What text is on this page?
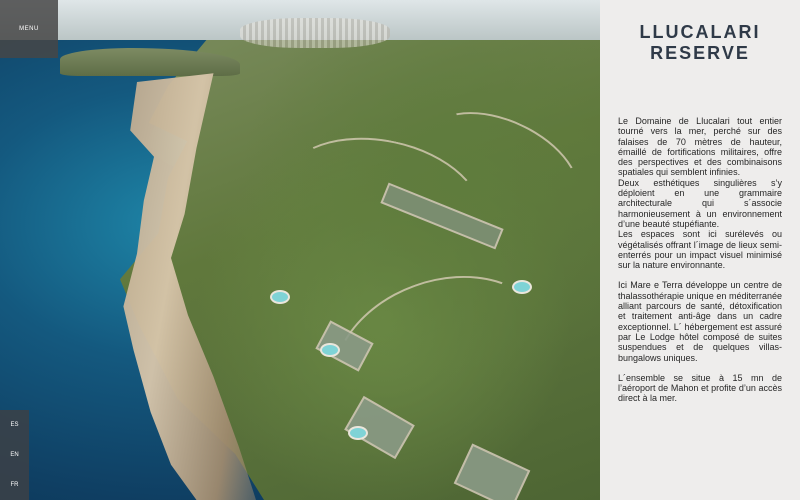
MENU
ES
EN
FR
LLUCALARI
RESERVE

Le Domaine de Llucalari tout entier tourné vers la mer, perché sur des falaises de 70 mètres de hauteur, émaillé de fortifications militaires, offre des perspectives et des combinaisons spatiales qui semblent infinies.

Deux esthétiques singulières s’y déploient en une grammaire architecturale qui s´associe harmonieusement à un environnement d’une beauté stupéfiante.

Les espaces sont ici surélevés ou végétalisés offrant l´image de lieux semi-enterrés pour un impact visuel minimisé sur la nature environnante.

Ici Mare e Terra développe un centre de thalassothérapie unique en méditerranée alliant parcours de santé, détoxification et traitement anti-âge dans un cadre exceptionnel. L´ hébergement est assuré par Le Lodge hôtel composé de suites suspendues et de quelques villas-bungalows uniques.

L´ensemble se situe à 15 mn de l’aéroport de Mahon et profite d’un accès direct à la mer.
